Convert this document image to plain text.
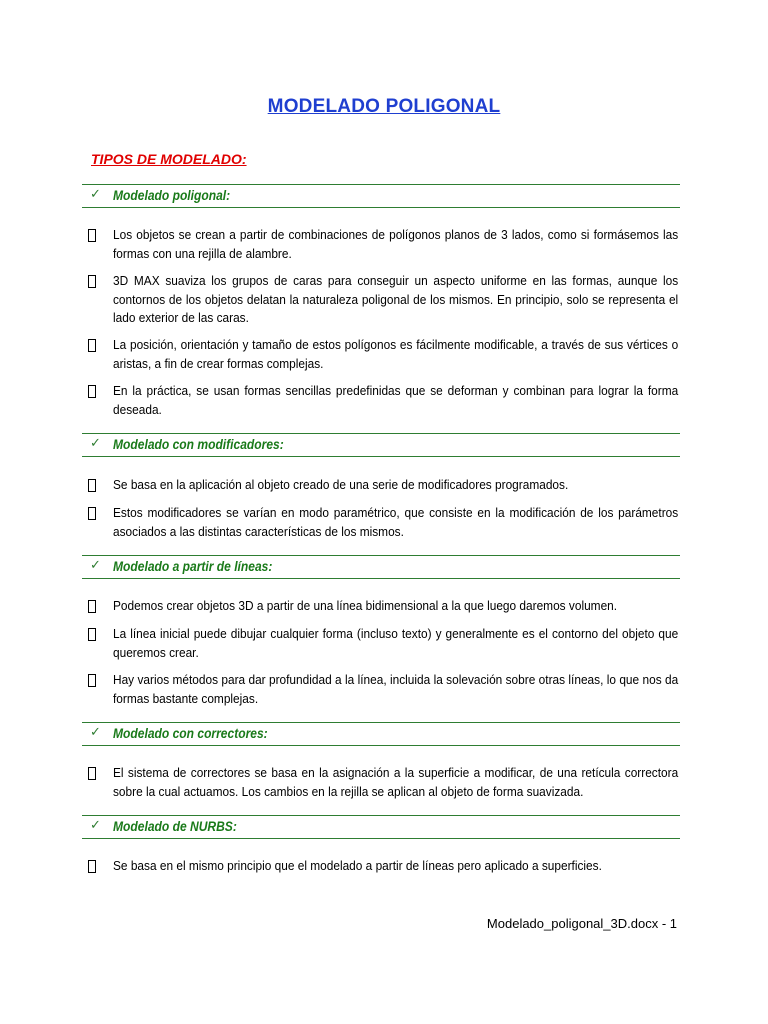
MODELADO POLIGONAL
TIPOS DE MODELADO:
✓ Modelado poligonal:
Los objetos se crean a partir de combinaciones de polígonos planos de 3 lados, como si formásemos las formas con una rejilla de alambre.
3D MAX suaviza los grupos de caras para conseguir un aspecto uniforme en las formas, aunque los contornos de los objetos delatan la naturaleza poligonal de los mismos. En principio, solo se representa el lado exterior de las caras.
La posición, orientación y tamaño de estos polígonos es fácilmente modificable, a través de sus vértices o aristas, a fin de crear formas complejas.
En la práctica, se usan formas sencillas predefinidas que se deforman y combinan para lograr la forma deseada.
✓ Modelado con modificadores:
Se basa en la aplicación al objeto creado de una serie de modificadores programados.
Estos modificadores se varían en modo paramétrico, que consiste en la modificación de los parámetros asociados a las distintas características de los mismos.
✓ Modelado a partir de líneas:
Podemos crear objetos 3D a partir de una línea bidimensional a la que luego daremos volumen.
La línea inicial puede dibujar cualquier forma (incluso texto) y generalmente es el contorno del objeto que queremos crear.
Hay varios métodos para dar profundidad a la línea, incluida la solevación sobre otras líneas, lo que nos da formas bastante complejas.
✓ Modelado con correctores:
El sistema de correctores se basa en la asignación a la superficie a modificar, de una retícula correctora sobre la cual actuamos. Los cambios en la rejilla se aplican al objeto de forma suavizada.
✓ Modelado de NURBS:
Se basa en el mismo principio que el modelado a partir de líneas pero aplicado a superficies.
Modelado_poligonal_3D.docx - 1
